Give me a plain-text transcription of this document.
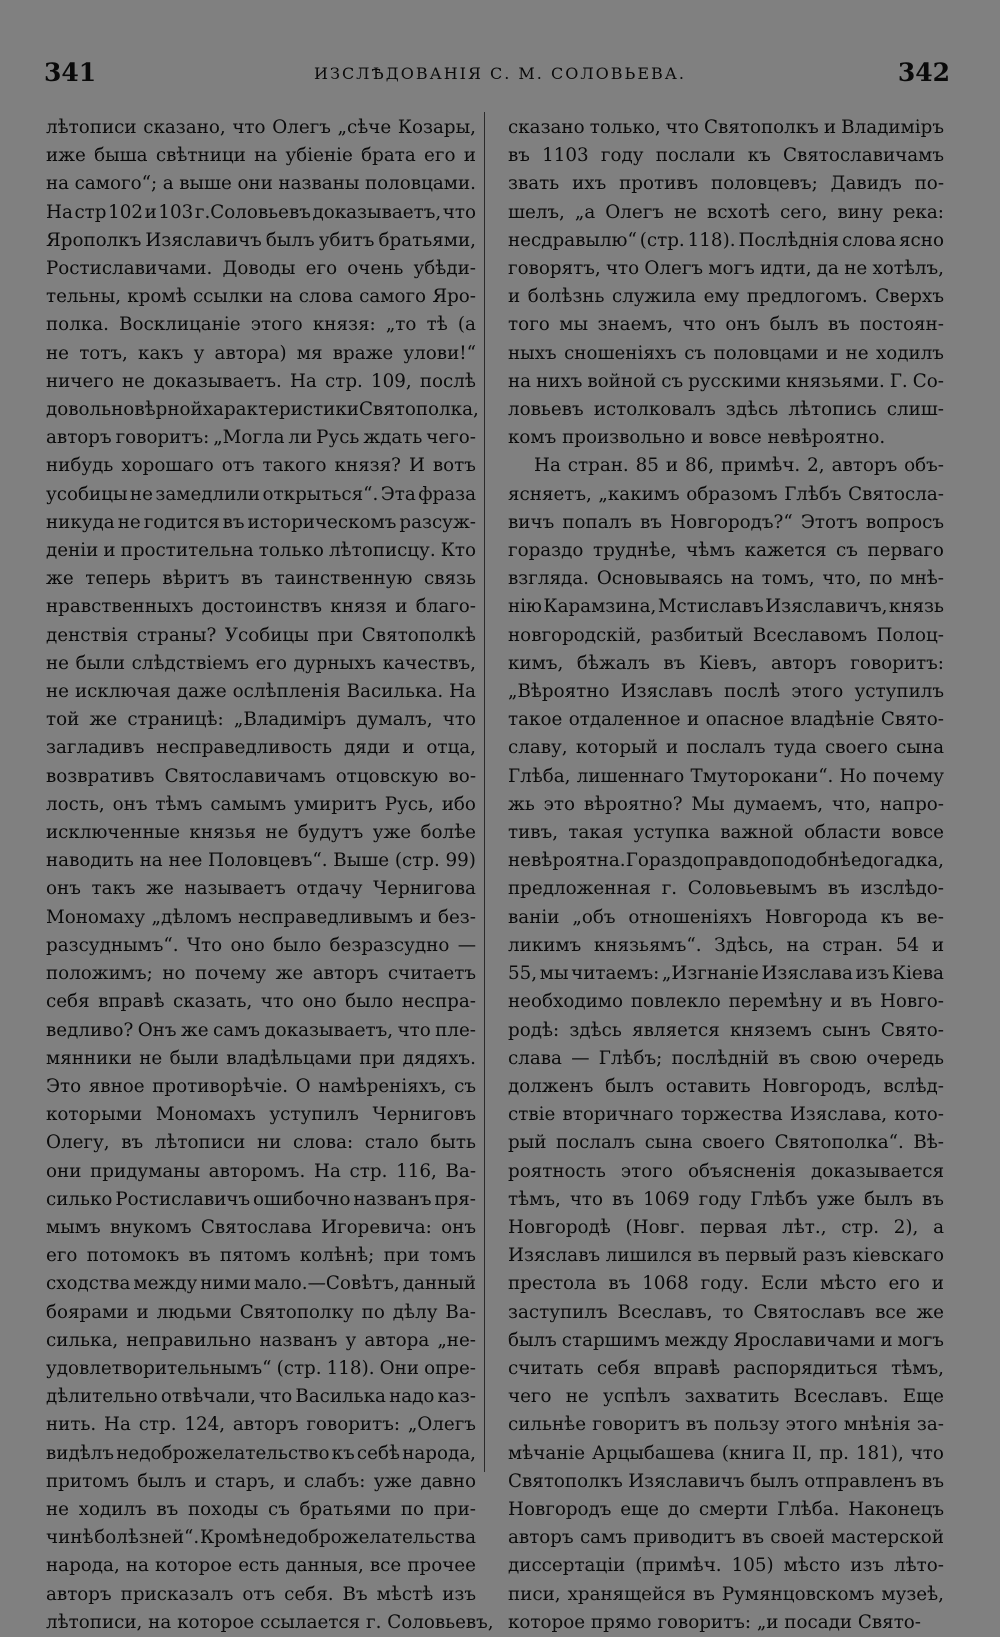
341	ИЗСЛѢДОВАНІЯ С. М. СОЛОВЬЕВА.	342
лѣтописи сказано, что Олегъ „сѣче Козары,
иже быша свѣтници на убіеніе брата его и
на самого“; а выше они названы половцами.
На стр 102 и 103 г.Соловьевъ доказываетъ, что
Ярополкъ Изяславичъ былъ убитъ братьями,
Ростиславичами. Доводы его очень убѣди-
тельны, кромѣ ссылки на слова самого Яро-
полка. Восклицаніе этого князя: „то тѣ (а
не тотъ, какъ у автора) мя враже улови!“
ничего не доказываетъ. На стр. 109, послѣ
довольно вѣрной характеристики Святополка,
авторъ говоритъ: „Могла ли Русь ждать чего-
нибудь хорошаго отъ такого князя? И вотъ
усобицы не замедлили открыться“. Эта фраза
никуда не годится въ историческомъ разсуж-
деніи и простительна только лѣтописцу. Кто
же теперь вѣритъ въ таинственную связь
нравственныхъ достоинствъ князя и благо-
денствія страны? Усобицы при Святополкѣ
не были слѣдствіемъ его дурныхъ качествъ,
не исключая даже ослѣпленія Василька. На
той же страницѣ: „Владиміръ думалъ, что
загладивъ несправедливость дяди и отца,
возвративъ Святославичамъ отцовскую во-
лость, онъ тѣмъ самымъ умиритъ Русь, ибо
исключенные князья не будутъ уже болѣе
наводить на нее Половцевъ“. Выше (стр. 99)
онъ такъ же называетъ отдачу Чернигова
Мономаху „дѣломъ несправедливымъ и без-
разсуднымъ“. Что оно было безразсудно —
положимъ; но почему же авторъ считаетъ
себя вправѣ сказать, что оно было неспра-
ведливо? Онъ же самъ доказываетъ, что пле-
мянники не были владѣльцами при дядяхъ.
Это явное противорѣчіе. О намѣреніяхъ, съ
которыми Мономахъ уступилъ Черниговъ
Олегу, въ лѣтописи ни слова: стало быть
они придуманы авторомъ. На стр. 116, Ва-
силько Ростиславичъ ошибочно названъ пря-
мымъ внукомъ Святослава Игоревича: онъ
его потомокъ въ пятомъ колѣнѣ; при томъ
сходства между ними мало.—Совѣтъ, данный
боярами и людьми Святополку по дѣлу Ва-
силька, неправильно названъ у автора „не-
удовлетворительнымъ“ (стр. 118). Они опре-
дѣлительно отвѣчали, что Василька надо каз-
нить. На стр. 124, авторъ говоритъ: „Олегъ
видѣлъ недоброжелательство къ себѣ народа,
притомъ былъ и старъ, и слабъ: уже давно
не ходилъ въ походы съ братьями по при-
чинѣ болѣзней“. Кромѣ недоброжелательства
народа, на которое есть данныя, все прочее
авторъ присказалъ отъ себя. Въ мѣстѣ изъ
лѣтописи, на которое ссылается г. Соловьевъ,
сказано только, что Святополкъ и Владиміръ
въ 1103 году послали къ Святославичамъ
звать ихъ противъ половцевъ; Давидъ по-
шелъ, „а Олегъ не всхотѣ сего, вину река:
несдравылю“ (стр. 118). Послѣднія слова ясно
говорятъ, что Олегъ могъ идти, да не хотѣлъ,
и болѣзнь служила ему предлогомъ. Сверхъ
того мы знаемъ, что онъ былъ въ постоян-
ныхъ сношеніяхъ съ половцами и не ходилъ
на нихъ войной съ русскими князьями. Г. Со-
ловьевъ истолковалъ здѣсь лѣтопись слиш-
комъ произвольно и вовсе невѣроятно.
На стран. 85 и 86, примѣч. 2, авторъ объ-
ясняетъ, „какимъ образомъ Глѣбъ Святосла-
вичъ попалъ въ Новгородъ?“ Этотъ вопросъ
гораздо труднѣе, чѣмъ кажется съ перваго
взгляда. Основываясь на томъ, что, по мнѣ-
нію Карамзина, Мстиславъ Изяславичъ, князь
новгородскій, разбитый Всеславомъ Полоц-
кимъ, бѣжалъ въ Кіевъ, авторъ говоритъ:
„Вѣроятно Изяславъ послѣ этого уступилъ
такое отдаленное и опасное владѣніе Свято-
славу, который и послалъ туда своего сына
Глѣба, лишеннаго Тмуторокани“. Но почему
жь это вѣроятно? Мы думаемъ, что, напро-
тивъ, такая уступка важной области вовсе
невѣроятна. Гораздо правдоподобнѣе догадка,
предложенная г. Соловьевымъ въ изслѣдо-
ваніи „объ отношеніяхъ Новгорода къ ве-
ликимъ князьямъ“. Здѣсь, на стран. 54 и
55, мы читаемъ: „Изгнаніе Изяслава изъ Кіева
необходимо повлекло перемѣну и въ Новго-
родѣ: здѣсь является княземъ сынъ Свято-
слава — Глѣбъ; послѣдній въ свою очередь
долженъ былъ оставить Новгородъ, вслѣд-
ствіе вторичнаго торжества Изяслава, кото-
рый послалъ сына своего Святополка“. Вѣ-
роятность этого объясненія доказывается
тѣмъ, что въ 1069 году Глѣбъ уже былъ въ
Новгородѣ (Новг. первая лѣт., стр. 2), а
Изяславъ лишился въ первый разъ кіевскаго
престола въ 1068 году. Если мѣсто его и
заступилъ Всеславъ, то Святославъ все же
былъ старшимъ между Ярославичами и могъ
считать себя вправѣ распорядиться тѣмъ,
чего не успѣлъ захватить Всеславъ. Еще
сильнѣе говоритъ въ пользу этого мнѣнія за-
мѣчаніе Арцыбашева (книга II, пр. 181), что
Святополкъ Изяславичъ былъ отправленъ въ
Новгородъ еще до смерти Глѣба. Наконецъ
авторъ самъ приводитъ въ своей мастерской
диссертаціи (примѣч. 105) мѣсто изъ лѣто-
писи, хранящейся въ Румянцовскомъ музеѣ,
которое прямо говоритъ: „и посади Свято-
